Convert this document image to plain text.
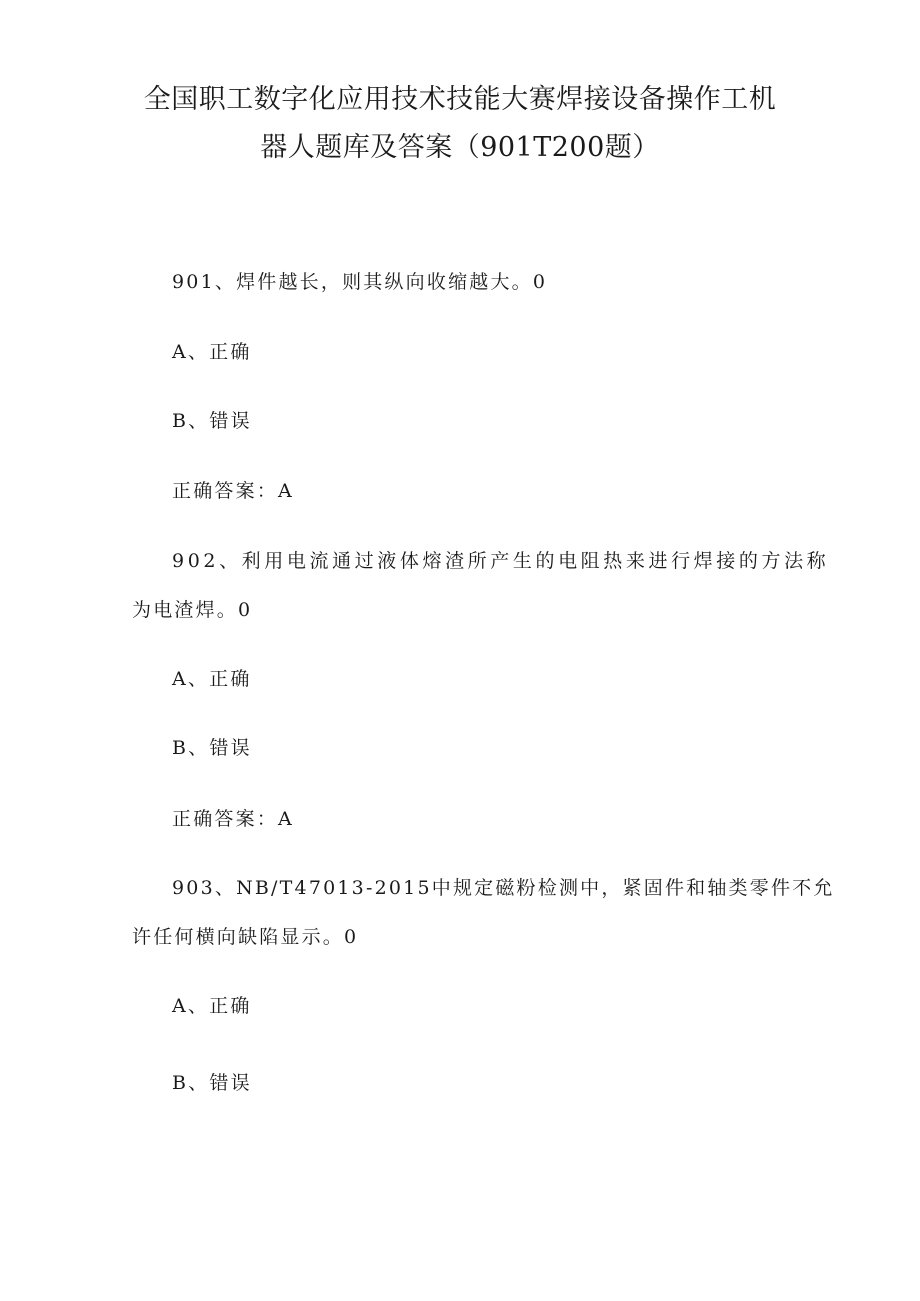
全国职工数字化应用技术技能大赛焊接设备操作工机
器人题库及答案（901T200题）
901、焊件越长，则其纵向收缩越大。0
A、正确
B、错误
正确答案：A
902、利用电流通过液体熔渣所产生的电阻热来进行焊接的方法称
为电渣焊。0
A、正确
B、错误
正确答案：A
903、NB/T47013-2015中规定磁粉检测中，紧固件和轴类零件不允
许任何横向缺陷显示。0
A、正确
B、错误
